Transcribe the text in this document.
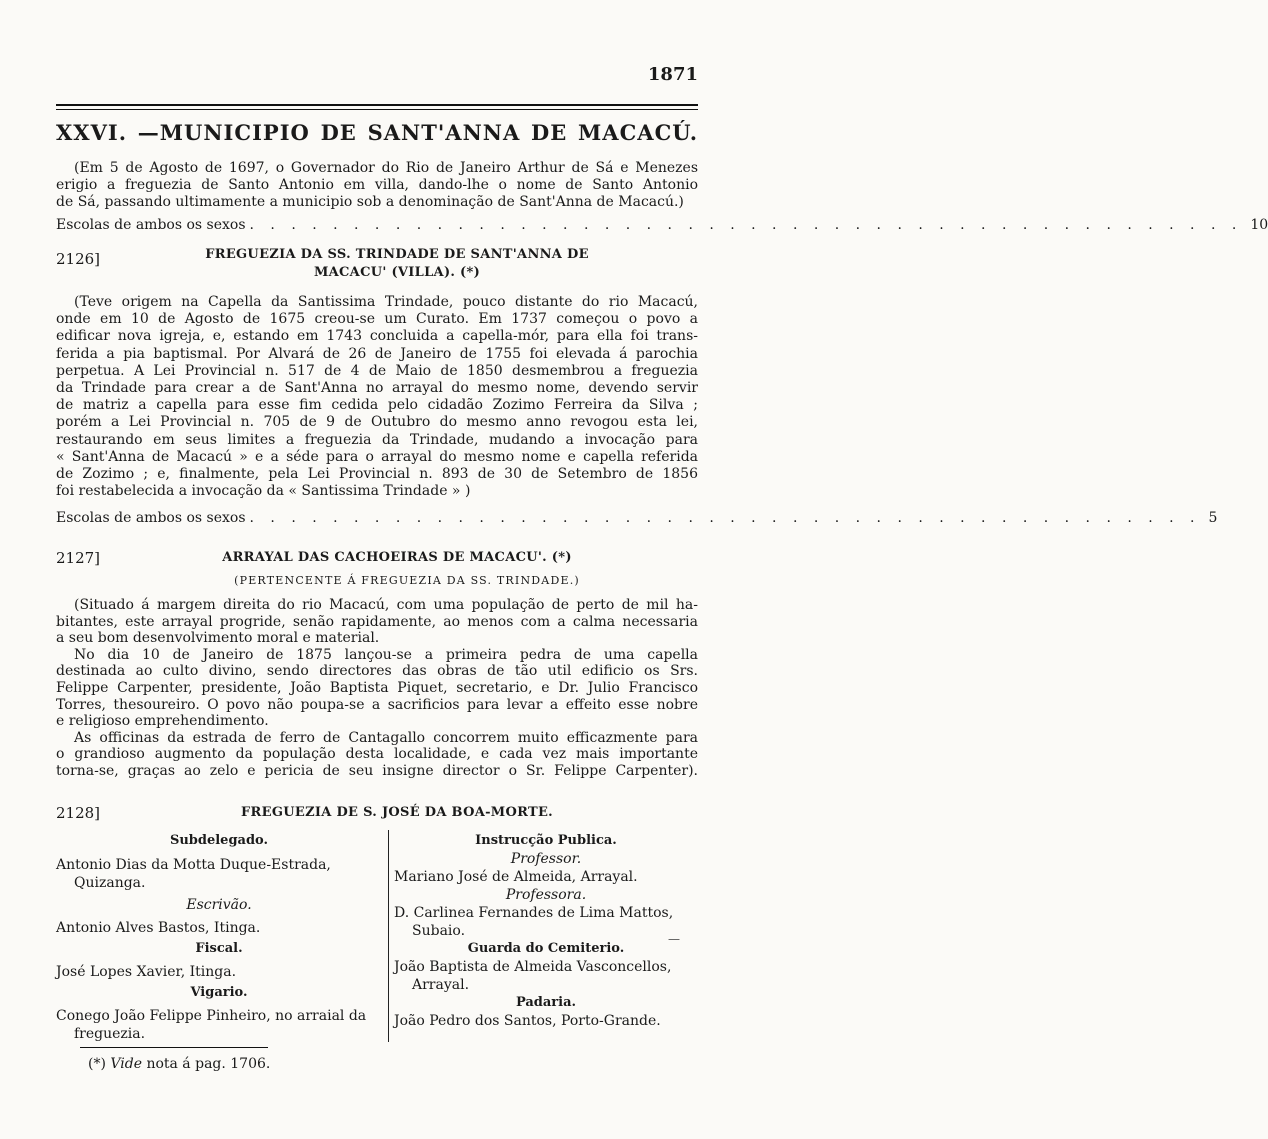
1871
XXVI. —MUNICIPIO DE SANT'ANNA DE MACACÚ.
(Em 5 de Agosto de 1697, o Governador do Rio de Janeiro Arthur de Sá e Menezes
erigio a freguezia de Santo Antonio em villa, dando-lhe o nome de Santo Antonio
de Sá, passando ultimamente a municipio sob a denominação de Sant'Anna de Macacú.)
Escolas de ambos os sexos . . . . . . . . . . . . . . . . . . . . . . . . . . . . . . . . . . . . . . . . . . . . . . . . 10
2126]	FREGUEZIA DA SS. TRINDADE DE SANT'ANNA DE
MACACU' (VILLA). (*)
(Teve origem na Capella da Santissima Trindade, pouco distante do rio Macacú,
onde em 10 de Agosto de 1675 creou-se um Curato. Em 1737 começou o povo a
edificar nova igreja, e, estando em 1743 concluida a capella-mór, para ella foi trans-
ferida a pia baptismal. Por Alvará de 26 de Janeiro de 1755 foi elevada á parochia
perpetua. A Lei Provincial n. 517 de 4 de Maio de 1850 desmembrou a freguezia
da Trindade para crear a de Sant'Anna no arrayal do mesmo nome, devendo servir
de matriz a capella para esse fim cedida pelo cidadão Zozimo Ferreira da Silva ;
porém a Lei Provincial n. 705 de 9 de Outubro do mesmo anno revogou esta lei,
restaurando em seus limites a freguezia da Trindade, mudando a invocação para
« Sant'Anna de Macacú » e a séde para o arrayal do mesmo nome e capella referida
de Zozimo ; e, finalmente, pela Lei Provincial n. 893 de 30 de Setembro de 1856
foi restabelecida a invocação da « Santissima Trindade » )
Escolas de ambos os sexos . . . . . . . . . . . . . . . . . . . . . . . . . . . . . . . . . . . . . . . . . . . . . . 5
2127]	ARRAYAL DAS CACHOEIRAS DE MACACU'. (*)
(PERTENCENTE Á FREGUEZIA DA SS. TRINDADE.)
(Situado á margem direita do rio Macacú, com uma população de perto de mil ha-
bitantes, este arrayal progride, senão rapidamente, ao menos com a calma necessaria
a seu bom desenvolvimento moral e material.
No dia 10 de Janeiro de 1875 lançou-se a primeira pedra de uma capella
destinada ao culto divino, sendo directores das obras de tão util edificio os Srs.
Felippe Carpenter, presidente, João Baptista Piquet, secretario, e Dr. Julio Francisco
Torres, thesoureiro. O povo não poupa-se a sacrificios para levar a effeito esse nobre
e religioso emprehendimento.
As officinas da estrada de ferro de Cantagallo concorrem muito efficazmente para
o grandioso augmento da população desta localidade, e cada vez mais importante
torna-se, graças ao zelo e pericia de seu insigne director o Sr. Felippe Carpenter).
2128]	FREGUEZIA DE S. JOSÉ DA BOA-MORTE.
Subdelegado.
Antonio Dias da Motta Duque-Estrada, Quizanga.
Escrivão.
Antonio Alves Bastos, Itinga.
Fiscal.
José Lopes Xavier, Itinga.
Vigario.
Conego João Felippe Pinheiro, no arraial da freguezia.
Instrucção Publica.
Professor.
Mariano José de Almeida, Arrayal.
Professora.
D. Carlinea Fernandes de Lima Mattos, Subaio.
Guarda do Cemiterio.
João Baptista de Almeida Vasconcellos, Arrayal.
Padaria.
João Pedro dos Santos, Porto-Grande.
(*) Vide nota á pag. 1706.
—
